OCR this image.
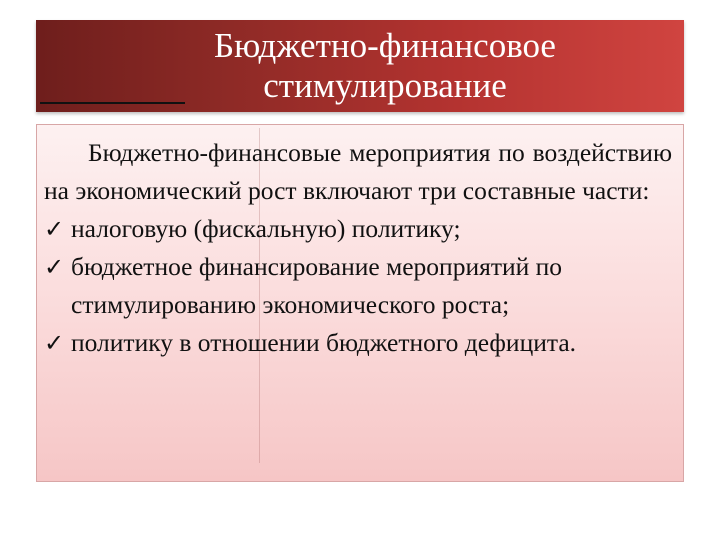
Бюджетно-финансовое
стимулирование

Бюджетно-финансовые мероприятия по воздействию на экономический рост включают три составные части:

✓ налоговую (фискальную) политику;
✓ бюджетное финансирование мероприятий по стимулированию экономического роста;
✓ политику в отношении бюджетного дефицита.
